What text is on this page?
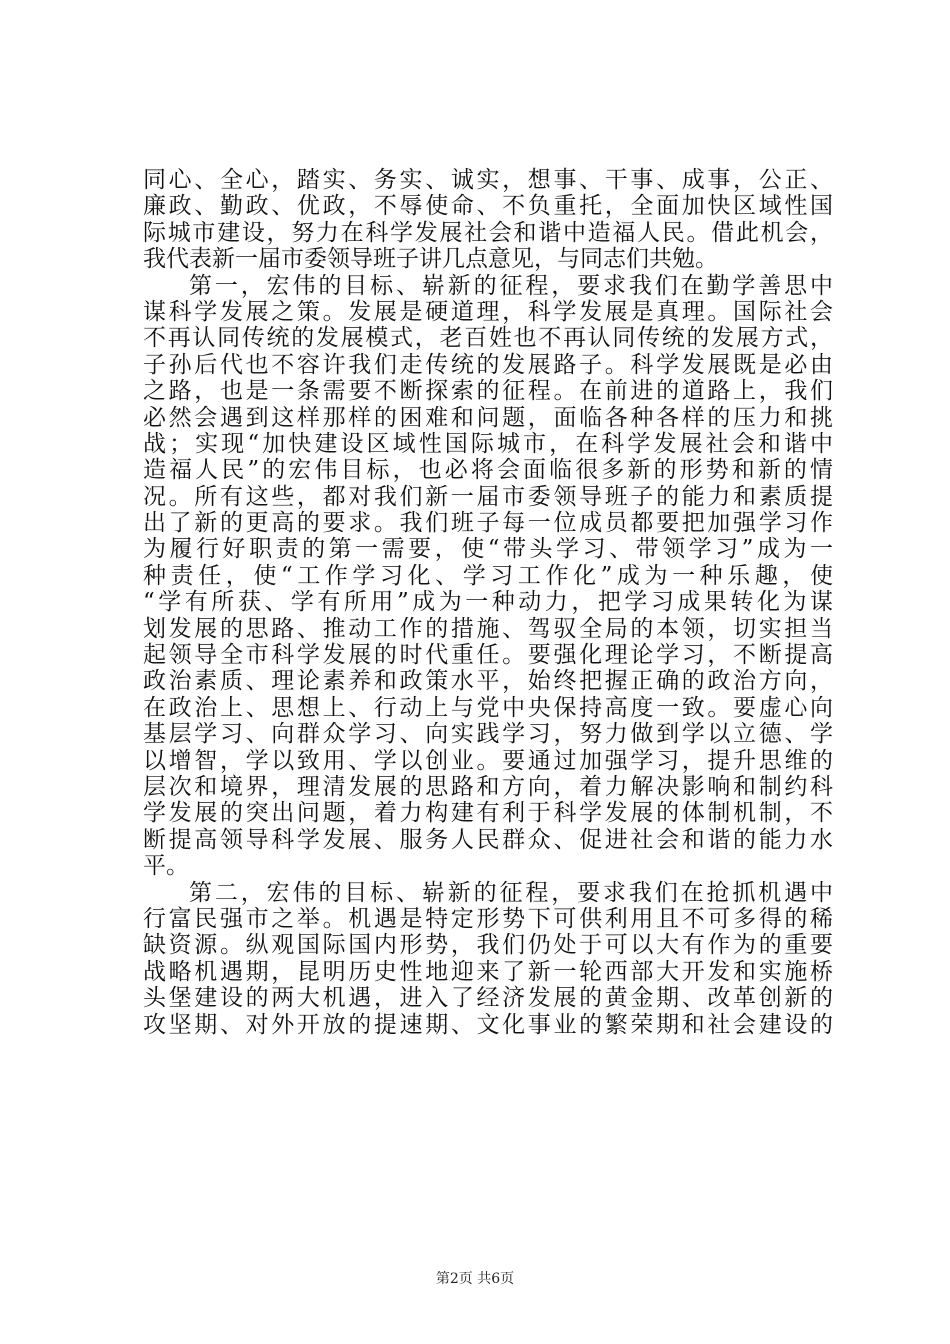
同心、全心，踏实、务实、诚实，想事、干事、成事，公正、
廉政、勤政、优政，不辱使命、不负重托，全面加快区域性国
际城市建设，努力在科学发展社会和谐中造福人民。借此机会，
我代表新一届市委领导班子讲几点意见，与同志们共勉。
第一，宏伟的目标、崭新的征程，要求我们在勤学善思中
谋科学发展之策。发展是硬道理，科学发展是真理。国际社会
不再认同传统的发展模式，老百姓也不再认同传统的发展方式，
子孙后代也不容许我们走传统的发展路子。科学发展既是必由
之路，也是一条需要不断探索的征程。在前进的道路上，我们
必然会遇到这样那样的困难和问题，面临各种各样的压力和挑
战；实现“加快建设区域性国际城市，在科学发展社会和谐中
造福人民”的宏伟目标，也必将会面临很多新的形势和新的情
况。所有这些，都对我们新一届市委领导班子的能力和素质提
出了新的更高的要求。我们班子每一位成员都要把加强学习作
为履行好职责的第一需要，使“带头学习、带领学习”成为一
种责任，使“工作学习化、学习工作化”成为一种乐趣，使
“学有所获、学有所用”成为一种动力，把学习成果转化为谋
划发展的思路、推动工作的措施、驾驭全局的本领，切实担当
起领导全市科学发展的时代重任。要强化理论学习，不断提高
政治素质、理论素养和政策水平，始终把握正确的政治方向，
在政治上、思想上、行动上与党中央保持高度一致。要虚心向
基层学习、向群众学习、向实践学习，努力做到学以立德、学
以增智，学以致用、学以创业。要通过加强学习，提升思维的
层次和境界，理清发展的思路和方向，着力解决影响和制约科
学发展的突出问题，着力构建有利于科学发展的体制机制，不
断提高领导科学发展、服务人民群众、促进社会和谐的能力水
平。
第二，宏伟的目标、崭新的征程，要求我们在抢抓机遇中
行富民强市之举。机遇是特定形势下可供利用且不可多得的稀
缺资源。纵观国际国内形势，我们仍处于可以大有作为的重要
战略机遇期，昆明历史性地迎来了新一轮西部大开发和实施桥
头堡建设的两大机遇，进入了经济发展的黄金期、改革创新的
攻坚期、对外开放的提速期、文化事业的繁荣期和社会建设的
第2页 共6页
